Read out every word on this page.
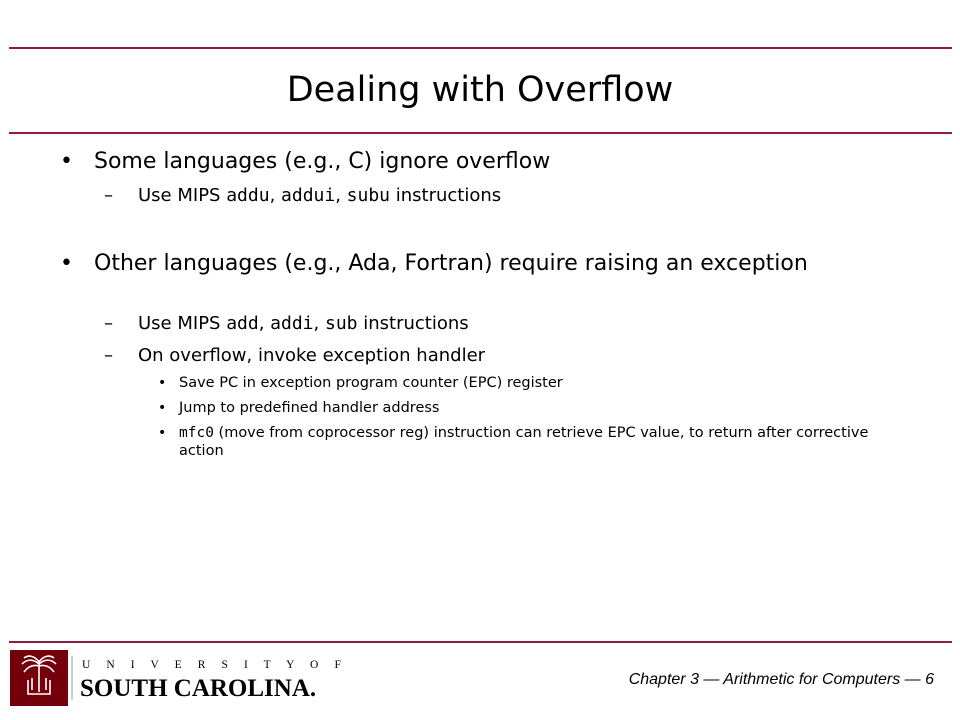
Dealing with Overflow
• Some languages (e.g., C) ignore overflow
– Use MIPS addu, addui, subu instructions
• Other languages (e.g., Ada, Fortran) require raising an exception
– Use MIPS add, addi, sub instructions
– On overflow, invoke exception handler
• Save PC in exception program counter (EPC) register
• Jump to predefined handler address
• mfc0 (move from coprocessor reg) instruction can retrieve EPC value, to return after corrective action
U N I V E R S I T Y O F
SOUTH CAROLINA.	Chapter 3 — Arithmetic for Computers — 6
